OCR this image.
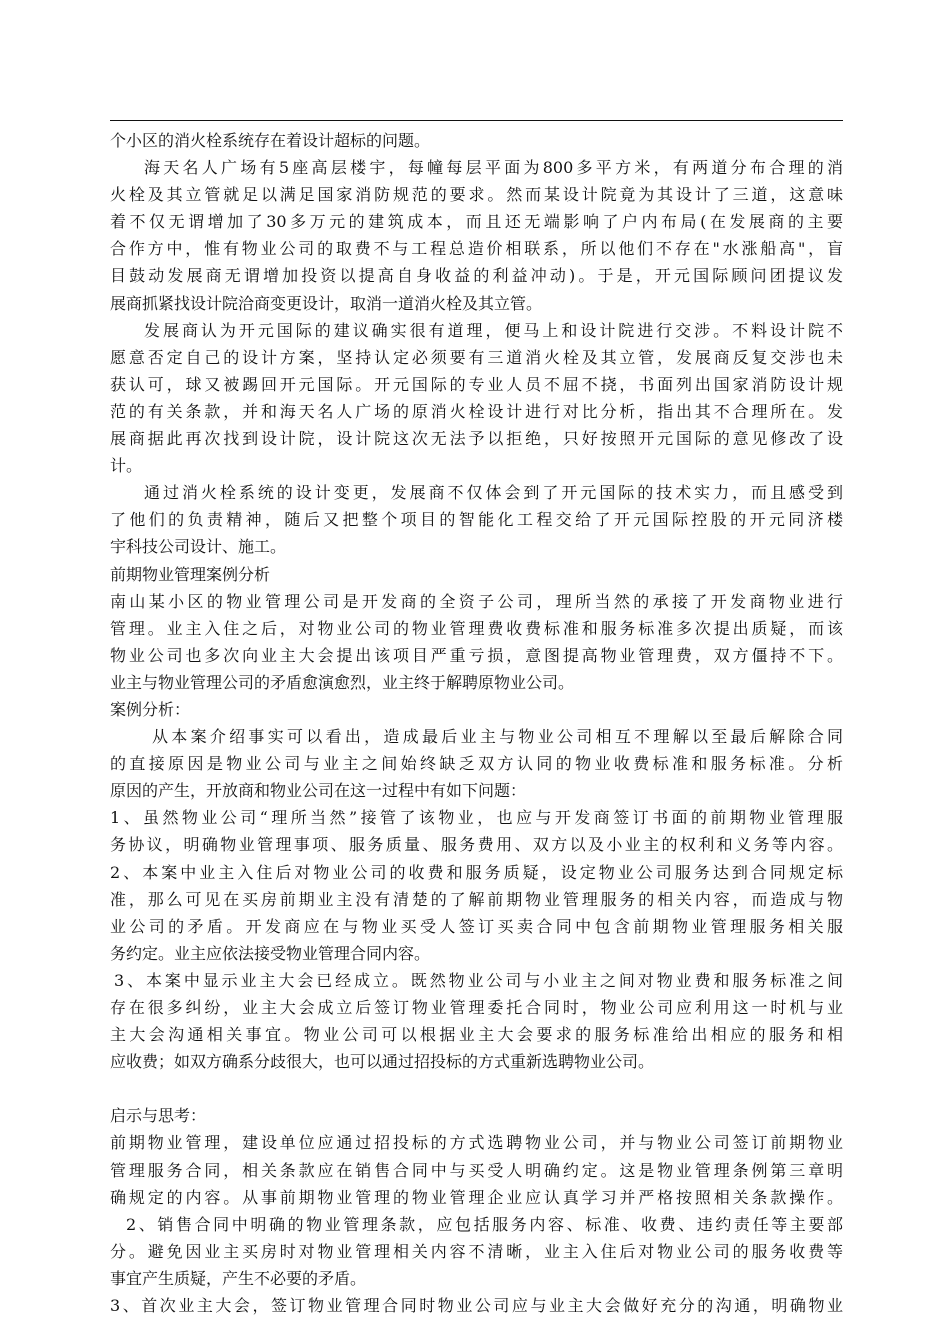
个小区的消火栓系统存在着设计超标的问题。
海天名人广场有5座高层楼宇，每幢每层平面为800多平方米，有两道分布合理的消
火栓及其立管就足以满足国家消防规范的要求。然而某设计院竟为其设计了三道，这意味
着不仅无谓增加了30多万元的建筑成本，而且还无端影响了户内布局(在发展商的主要
合作方中，惟有物业公司的取费不与工程总造价相联系，所以他们不存在"水涨船高"，盲
目鼓动发展商无谓增加投资以提高自身收益的利益冲动)。于是，开元国际顾问团提议发
展商抓紧找设计院洽商变更设计，取消一道消火栓及其立管。
发展商认为开元国际的建议确实很有道理，便马上和设计院进行交涉。不料设计院不
愿意否定自己的设计方案，坚持认定必须要有三道消火栓及其立管，发展商反复交涉也未
获认可，球又被踢回开元国际。开元国际的专业人员不屈不挠，书面列出国家消防设计规
范的有关条款，并和海天名人广场的原消火栓设计进行对比分析，指出其不合理所在。发
展商据此再次找到设计院，设计院这次无法予以拒绝，只好按照开元国际的意见修改了设
计。
通过消火栓系统的设计变更，发展商不仅体会到了开元国际的技术实力，而且感受到
了他们的负责精神，随后又把整个项目的智能化工程交给了开元国际控股的开元同济楼
宇科技公司设计、施工。
前期物业管理案例分析
南山某小区的物业管理公司是开发商的全资子公司，理所当然的承接了开发商物业进行
管理。业主入住之后，对物业公司的物业管理费收费标准和服务标准多次提出质疑，而该
物业公司也多次向业主大会提出该项目严重亏损，意图提高物业管理费，双方僵持不下。
业主与物业管理公司的矛盾愈演愈烈，业主终于解聘原物业公司。
案例分析：
从本案介绍事实可以看出，造成最后业主与物业公司相互不理解以至最后解除合同
的直接原因是物业公司与业主之间始终缺乏双方认同的物业收费标准和服务标准。分析
原因的产生，开放商和物业公司在这一过程中有如下问题：
1、虽然物业公司“理所当然”接管了该物业，也应与开发商签订书面的前期物业管理服
务协议，明确物业管理事项、服务质量、服务费用、双方以及小业主的权利和义务等内容。
2、本案中业主入住后对物业公司的收费和服务质疑，设定物业公司服务达到合同规定标
准，那么可见在买房前期业主没有清楚的了解前期物业管理服务的相关内容，而造成与物
业公司的矛盾。开发商应在与物业买受人签订买卖合同中包含前期物业管理服务相关服
务约定。业主应依法接受物业管理合同内容。
3、本案中显示业主大会已经成立。既然物业公司与小业主之间对物业费和服务标准之间
存在很多纠纷，业主大会成立后签订物业管理委托合同时，物业公司应利用这一时机与业
主大会沟通相关事宜。物业公司可以根据业主大会要求的服务标准给出相应的服务和相
应收费；如双方确系分歧很大，也可以通过招投标的方式重新选聘物业公司。
启示与思考：
前期物业管理，建设单位应通过招投标的方式选聘物业公司，并与物业公司签订前期物业
管理服务合同，相关条款应在销售合同中与买受人明确约定。这是物业管理条例第三章明
确规定的内容。从事前期物业管理的物业管理企业应认真学习并严格按照相关条款操作。
2、销售合同中明确的物业管理条款，应包括服务内容、标准、收费、违约责任等主要部
分。避免因业主买房时对物业管理相关内容不清晰，业主入住后对物业公司的服务收费等
事宜产生质疑，产生不必要的矛盾。
3、首次业主大会，签订物业管理合同时物业公司应与业主大会做好充分的沟通，明确物业
